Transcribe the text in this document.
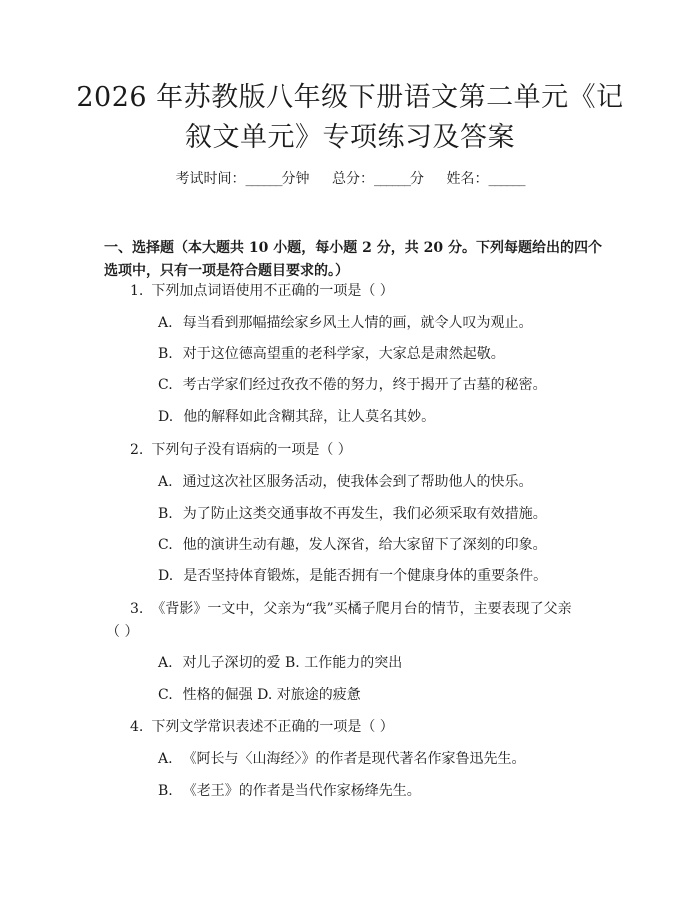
2026 年苏教版八年级下册语文第二单元《记
叙文单元》专项练习及答案
考试时间：______分钟 总分：______分 姓名：______

一、选择题（本大题共 10 小题，每小题 2 分，共 20 分。下列每题给出的四个选项中，只有一项是符合题目要求的。）

1. 下列加点词语使用不正确的一项是（ ）
A. 每当看到那幅描绘家乡风土人情的画，就令人叹为观止。
B. 对于这位德高望重的老科学家，大家总是肃然起敬。
C. 考古学家们经过孜孜不倦的努力，终于揭开了古墓的秘密。
D. 他的解释如此含糊其辞，让人莫名其妙。
2. 下列句子没有语病的一项是（ ）
A. 通过这次社区服务活动，使我体会到了帮助他人的快乐。
B. 为了防止这类交通事故不再发生，我们必须采取有效措施。
C. 他的演讲生动有趣，发人深省，给大家留下了深刻的印象。
D. 是否坚持体育锻炼，是能否拥有一个健康身体的重要条件。
3. 《背影》一文中，父亲为“我”买橘子爬月台的情节，主要表现了父亲
（ ）
A. 对儿子深切的爱 B. 工作能力的突出
C. 性格的倔强 D. 对旅途的疲惫
4. 下列文学常识表述不正确的一项是（ ）
A. 《阿长与〈山海经〉》的作者是现代著名作家鲁迅先生。
B. 《老王》的作者是当代作家杨绛先生。
